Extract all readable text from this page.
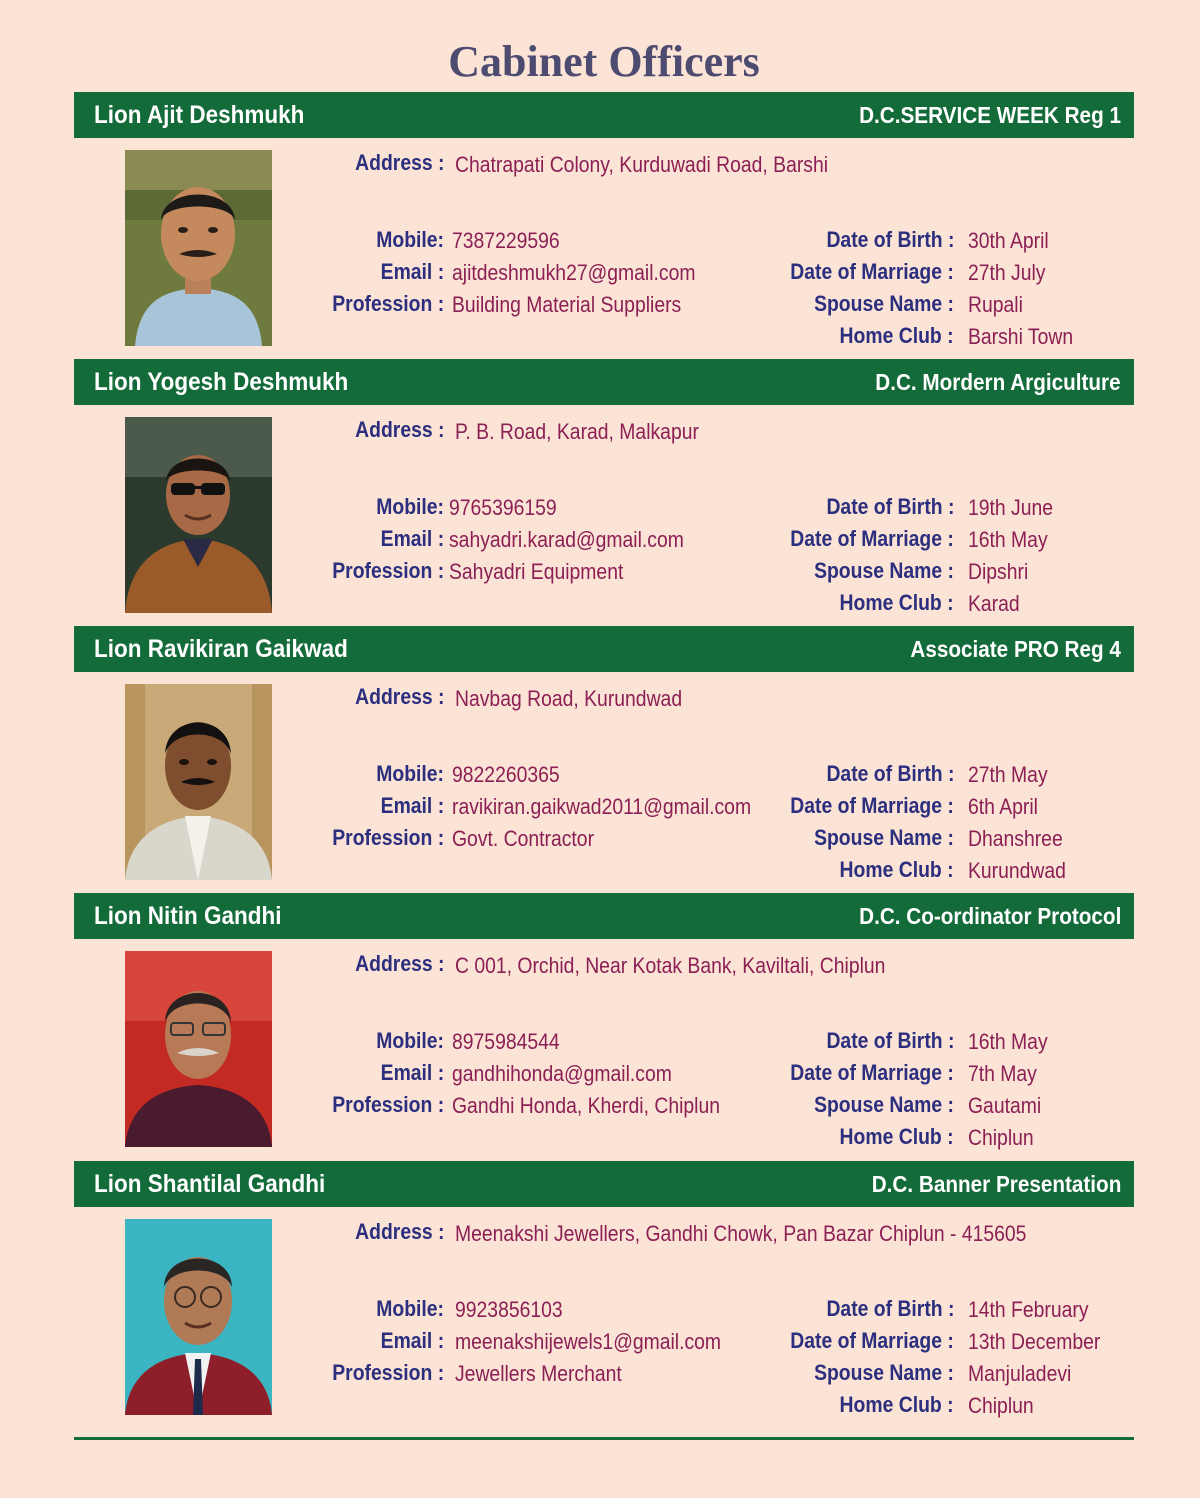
Cabinet Officers
Lion Ajit Deshmukh	D.C.SERVICE WEEK Reg 1
Address : Chatrapati Colony, Kurduwadi Road, Barshi
Mobile: 7387229596
Email : ajitdeshmukh27@gmail.com
Profession : Building Material Suppliers
Date of Birth : 30th April
Date of Marriage : 27th July
Spouse Name : Rupali
Home Club : Barshi Town
Lion Yogesh Deshmukh	D.C. Mordern Argiculture
Address : P. B. Road, Karad, Malkapur
Mobile: 9765396159
Email : sahyadri.karad@gmail.com
Profession : Sahyadri Equipment
Date of Birth : 19th June
Date of Marriage : 16th May
Spouse Name : Dipshri
Home Club : Karad
Lion Ravikiran Gaikwad	Associate PRO Reg 4
Address : Navbag Road, Kurundwad
Mobile: 9822260365
Email : ravikiran.gaikwad2011@gmail.com
Profession : Govt. Contractor
Date of Birth : 27th May
Date of Marriage : 6th April
Spouse Name : Dhanshree
Home Club : Kurundwad
Lion Nitin Gandhi	D.C. Co-ordinator Protocol
Address : C 001, Orchid, Near Kotak Bank, Kaviltali, Chiplun
Mobile: 8975984544
Email : gandhihonda@gmail.com
Profession : Gandhi Honda, Kherdi, Chiplun
Date of Birth : 16th May
Date of Marriage : 7th May
Spouse Name : Gautami
Home Club : Chiplun
Lion Shantilal Gandhi	D.C. Banner Presentation
Address : Meenakshi Jewellers, Gandhi Chowk, Pan Bazar Chiplun - 415605
Mobile: 9923856103
Email : meenakshijewels1@gmail.com
Profession : Jewellers Merchant
Date of Birth : 14th February
Date of Marriage : 13th December
Spouse Name : Manjuladevi
Home Club : Chiplun
